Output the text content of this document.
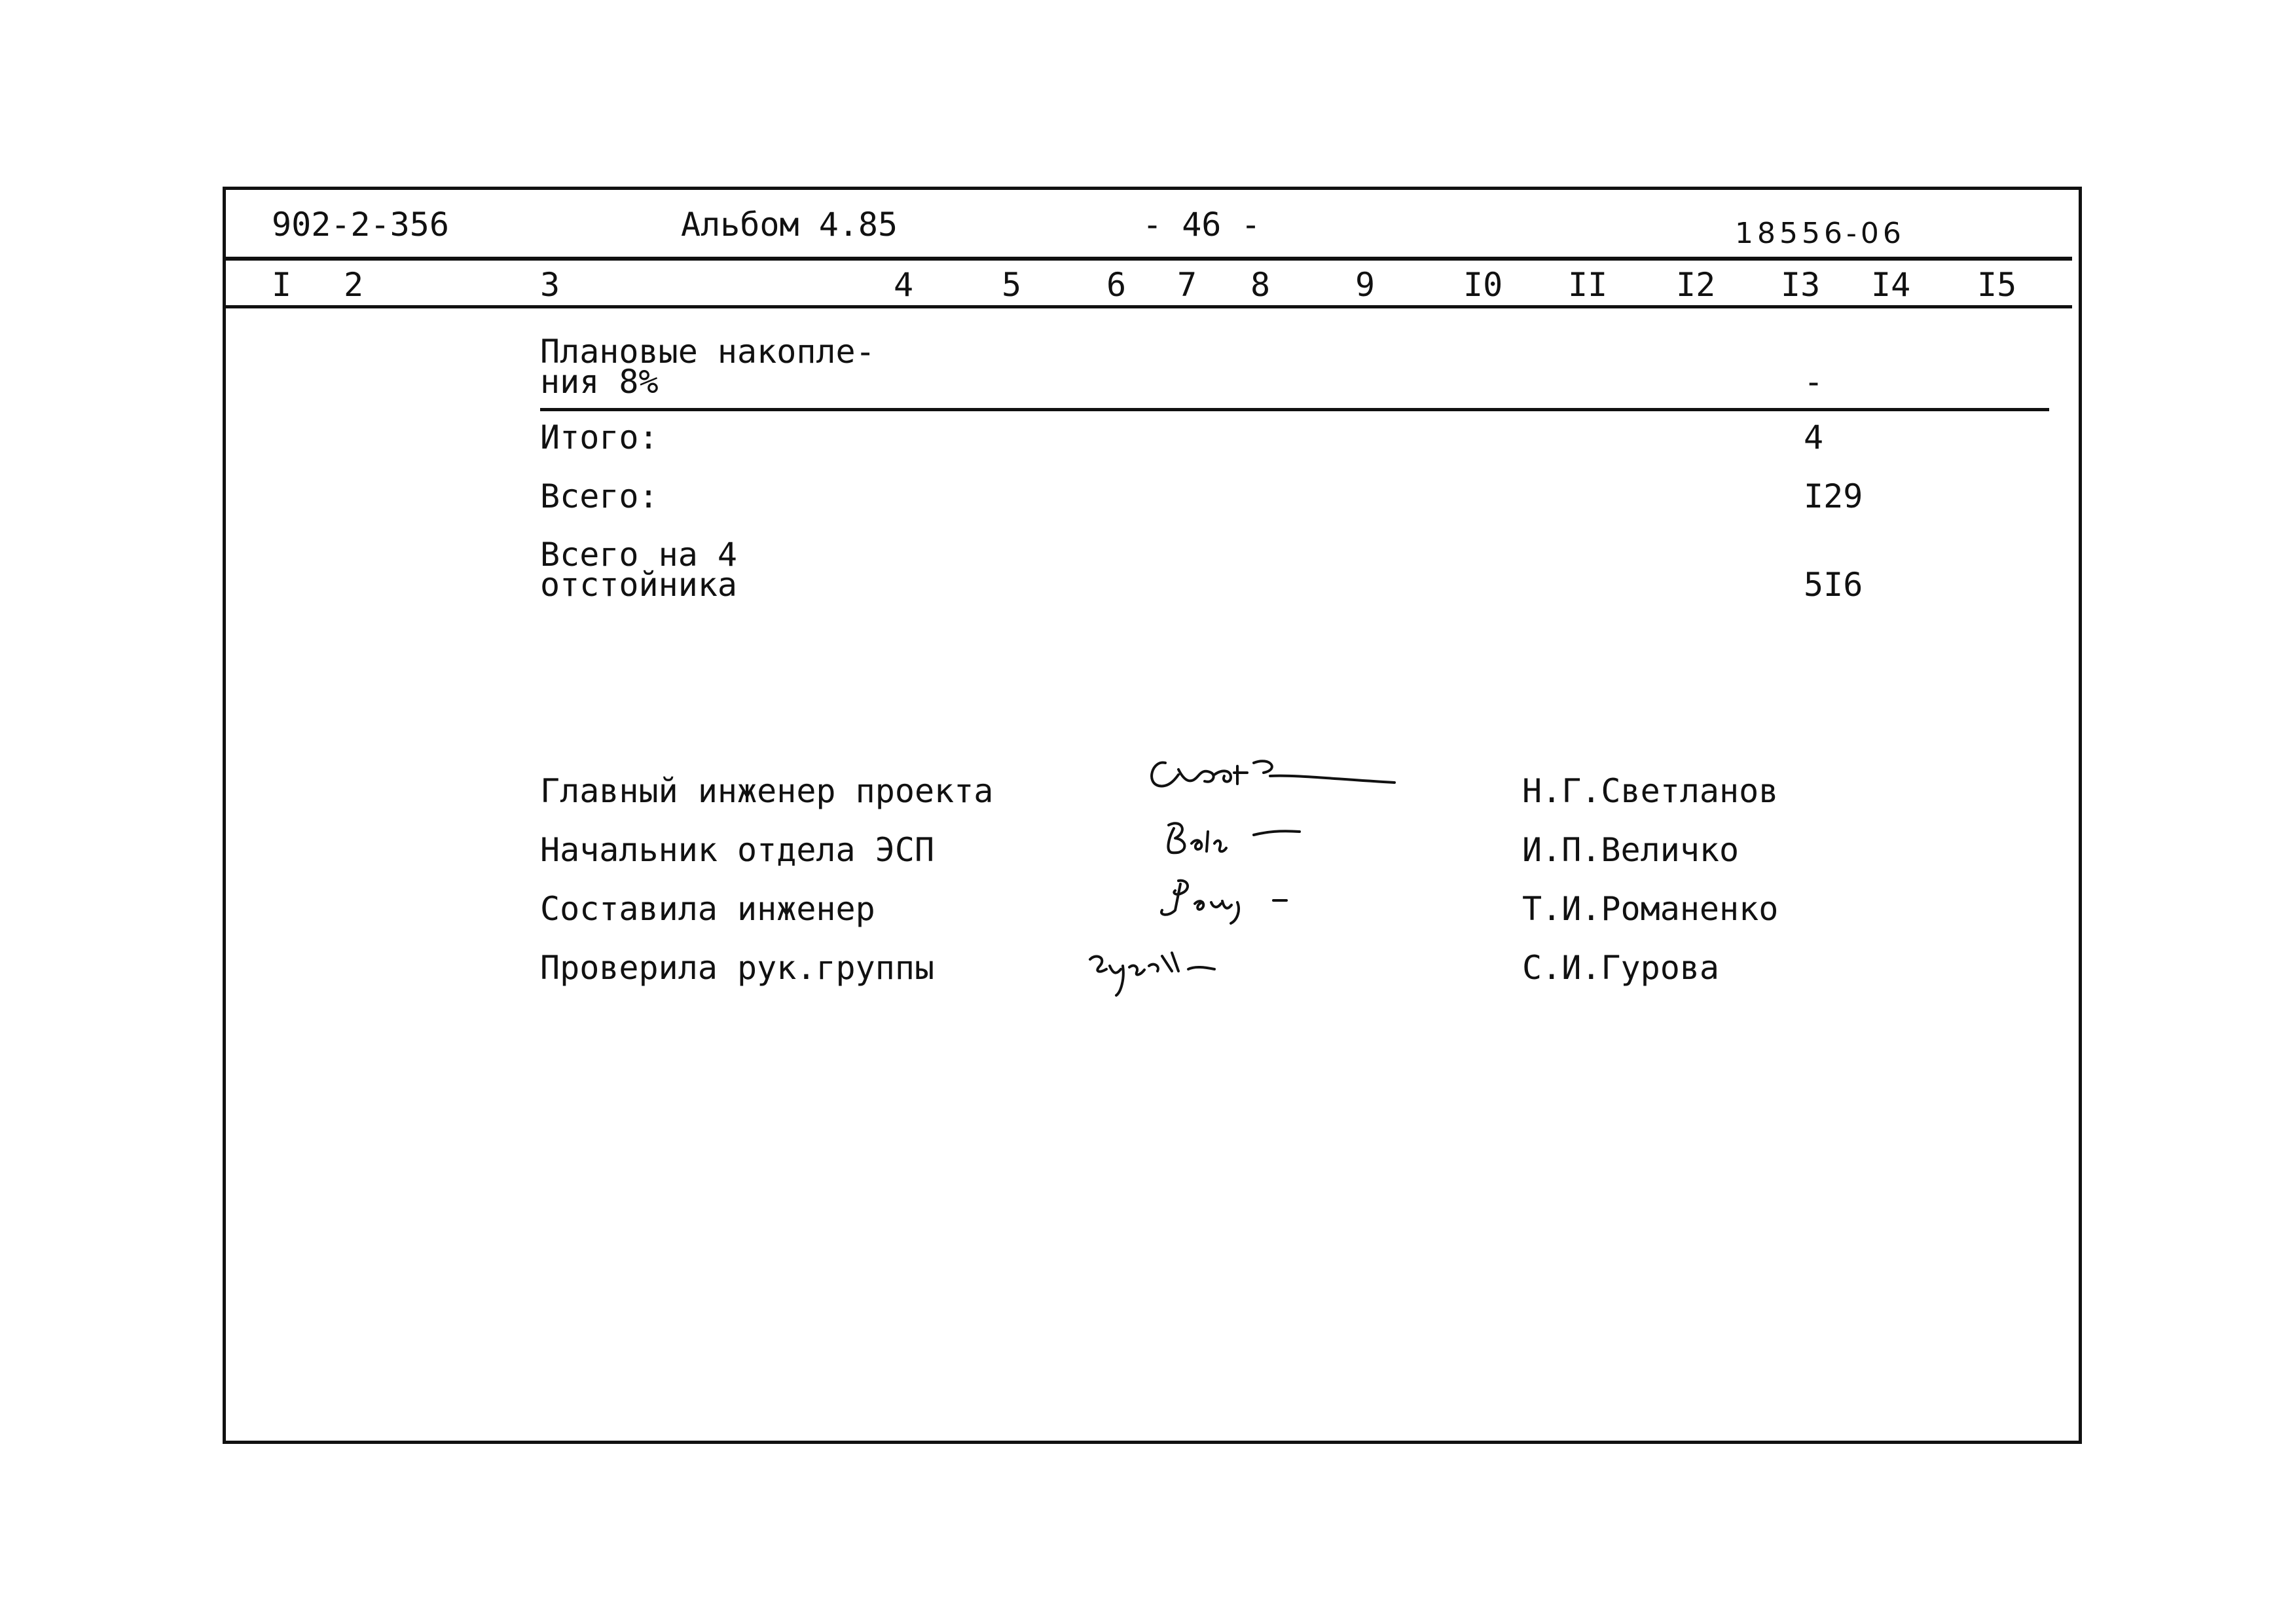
902-2-356	Альбом 4.85	- 46 -	18556-06
I 2	3	4	5	6 7 8	9	I0 II I2 I3 I4 I5
Плановые накопле-
ния 8%	-
Итого:	4
Всего:	I29
Всего на 4
отстойника	5I6
Главный инженер проекта	Н.Г.Светланов
Начальник отдела ЭСП	И.П.Величко
Составила инженер	Т.И.Романенко
Проверила рук.группы	С.И.Гурова
